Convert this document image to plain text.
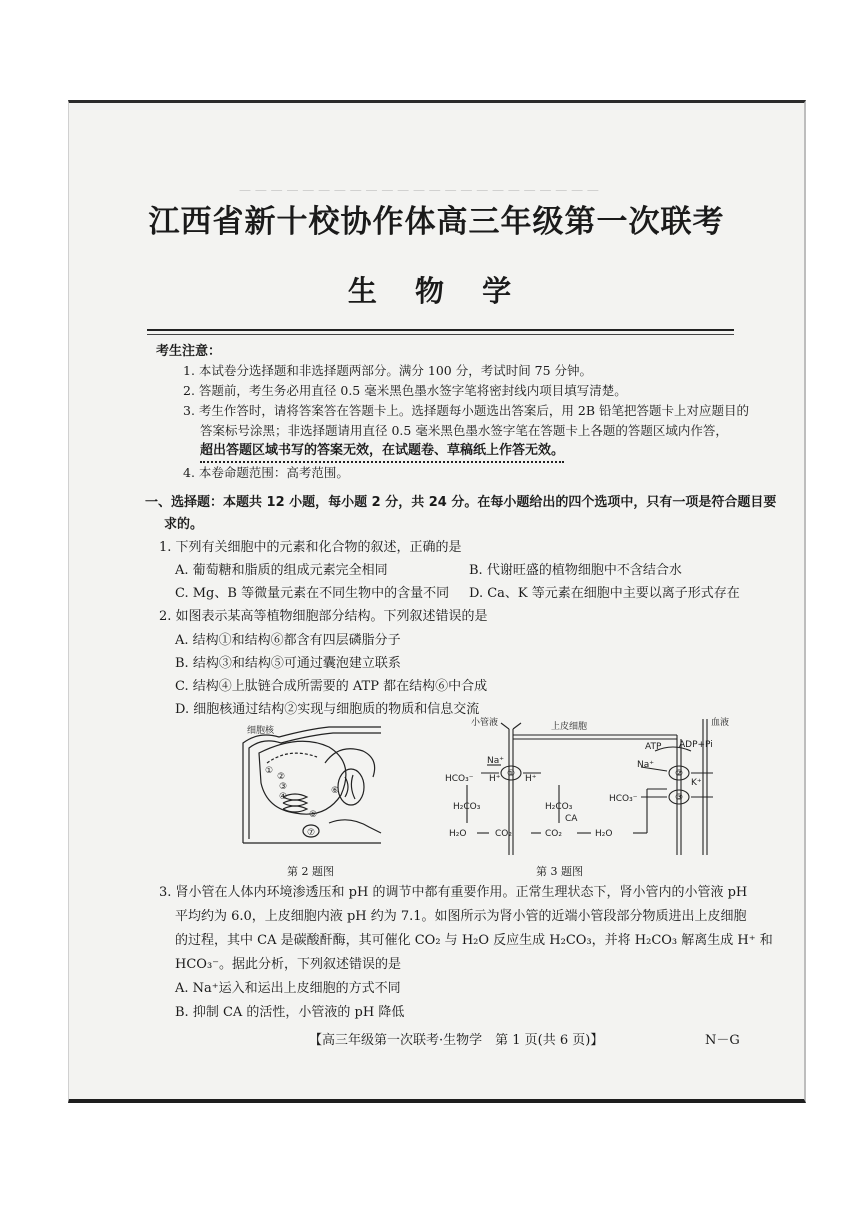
— — — — — — — — — — — — — — — — — — — — — — —
江西省新十校协作体高三年级第一次联考
生 物 学
考生注意：
1. 本试卷分选择题和非选择题两部分。满分 100 分，考试时间 75 分钟。
2. 答题前，考生务必用直径 0.5 毫米黑色墨水签字笔将密封线内项目填写清楚。
3. 考生作答时，请将答案答在答题卡上。选择题每小题选出答案后，用 2B 铅笔把答题卡上对应题目的
答案标号涂黑；非选择题请用直径 0.5 毫米黑色墨水签字笔在答题卡上各题的答题区域内作答，
超出答题区域书写的答案无效，在试题卷、草稿纸上作答无效。
4. 本卷命题范围：高考范围。
一、选择题：本题共 12 小题，每小题 2 分，共 24 分。在每小题给出的四个选项中，只有一项是符合题目要
求的。
1. 下列有关细胞中的元素和化合物的叙述，正确的是
A. 葡萄糖和脂质的组成元素完全相同	B. 代谢旺盛的植物细胞中不含结合水
C. Mg、B 等微量元素在不同生物中的含量不同 D. Ca、K 等元素在细胞中主要以离子形式存在
2. 如图表示某高等植物细胞部分结构。下列叙述错误的是
A. 结构①和结构⑥都含有四层磷脂分子
B. 结构③和结构⑤可通过囊泡建立联系
C. 结构④上肽链合成所需要的 ATP 都在结构⑥中合成
D. 细胞核通过结构②实现与细胞质的物质和信息交流
细胞核
①
②
③
④
⑤
⑥
⑦
第 2 题图
小管液	上皮细胞	血液
ATP ADP+Pi
Na⁺	Na⁺
H⁺	H⁺	K⁺
HCO₃⁻
HCO₃⁻
H₂CO₃	H₂CO₃
CA
H₂O	CO₂	CO₂	H₂O
①	②
③
第 3 题图
3. 肾小管在人体内环境渗透压和 pH 的调节中都有重要作用。正常生理状态下，肾小管内的小管液 pH
平均约为 6.0，上皮细胞内液 pH 约为 7.1。如图所示为肾小管的近端小管段部分物质进出上皮细胞
的过程，其中 CA 是碳酸酐酶，其可催化 CO₂ 与 H₂O 反应生成 H₂CO₃，并将 H₂CO₃ 解离生成 H⁺ 和
HCO₃⁻。据此分析，下列叙述错误的是
A. Na⁺运入和运出上皮细胞的方式不同
B. 抑制 CA 的活性，小管液的 pH 降低
【高三年级第一次联考·生物学　第 1 页(共 6 页)】	N－G
